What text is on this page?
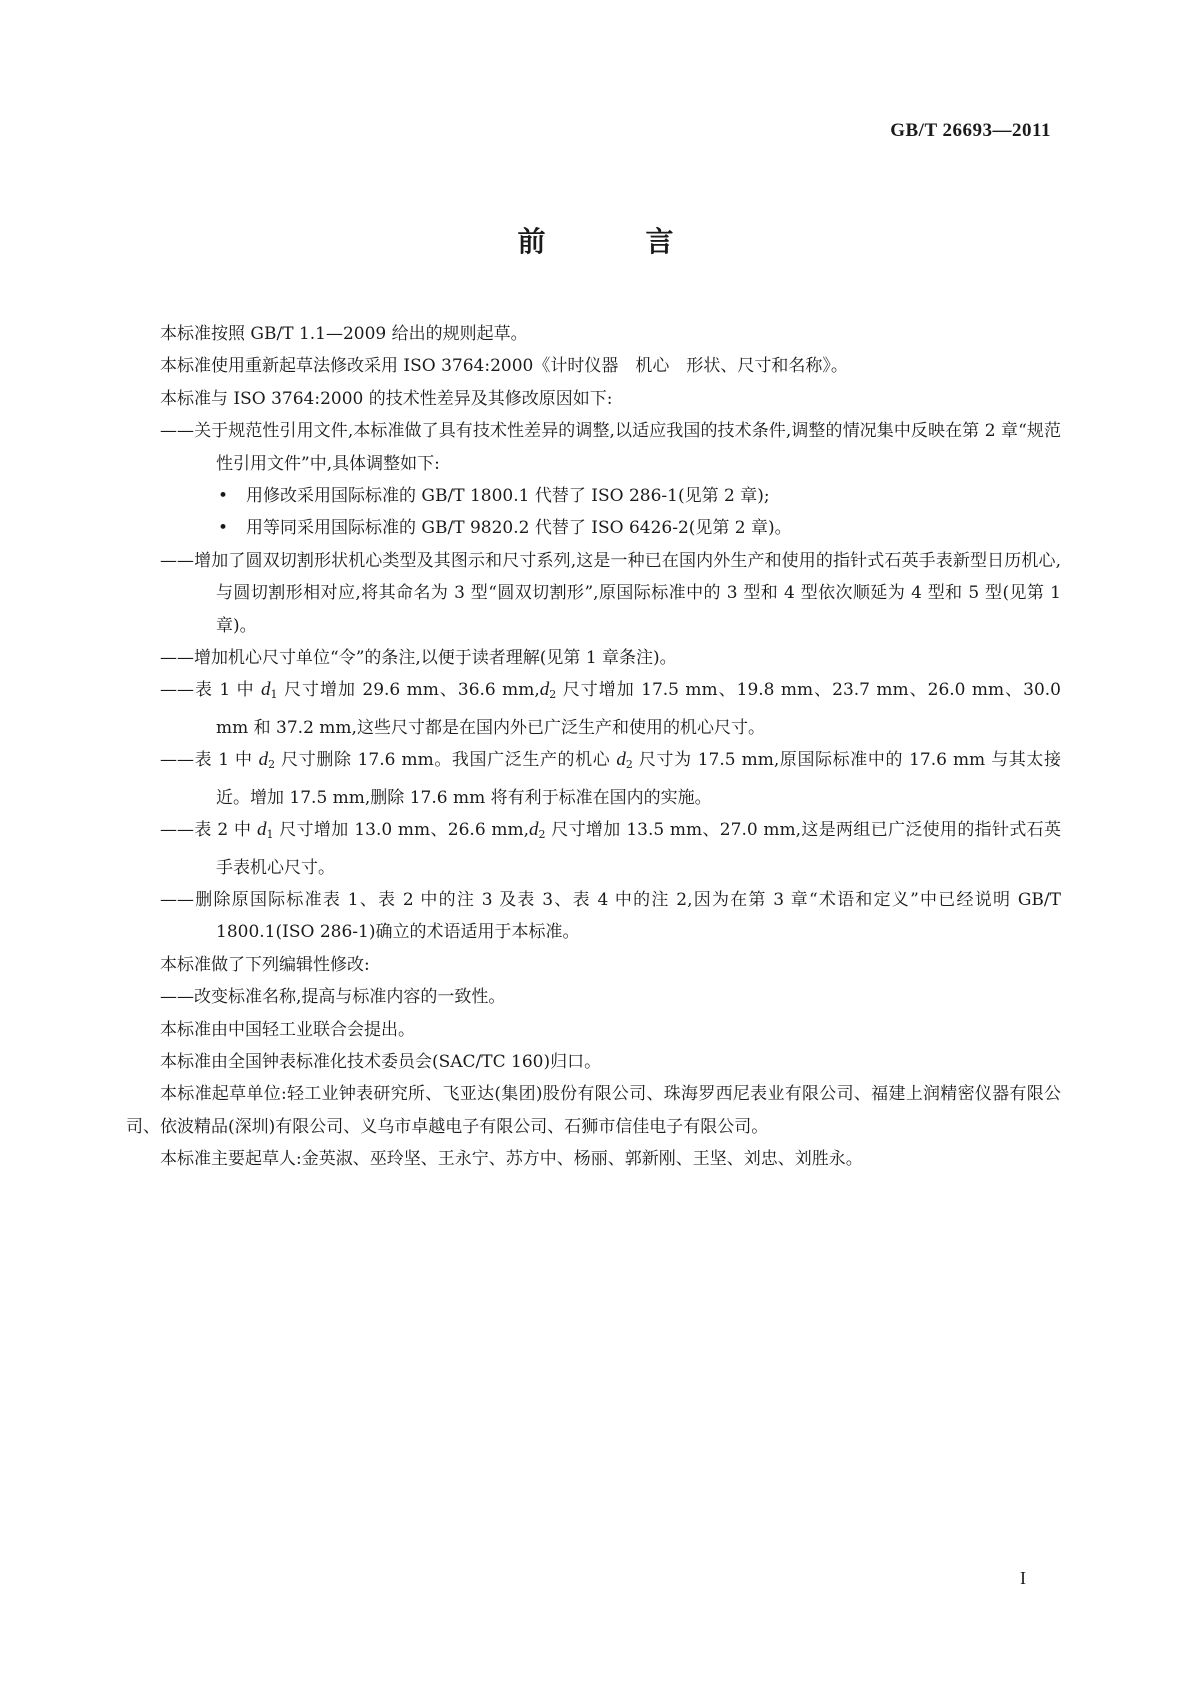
GB/T 26693—2011
前　言

本标准按照 GB/T 1.1—2009 给出的规则起草。

本标准使用重新起草法修改采用 ISO 3764:2000《计时仪器　机心　形状、尺寸和名称》。

本标准与 ISO 3764:2000 的技术性差异及其修改原因如下:

——关于规范性引用文件,本标准做了具有技术性差异的调整,以适应我国的技术条件,调整的情况集中反映在第 2 章“规范性引用文件”中,具体调整如下:

• 用修改采用国际标准的 GB/T 1800.1 代替了 ISO 286-1(见第 2 章);

• 用等同采用国际标准的 GB/T 9820.2 代替了 ISO 6426-2(见第 2 章)。

——增加了圆双切割形状机心类型及其图示和尺寸系列,这是一种已在国内外生产和使用的指针式石英手表新型日历机心,与圆切割形相对应,将其命名为 3 型“圆双切割形”,原国际标准中的 3 型和 4 型依次顺延为 4 型和 5 型(见第 1 章)。

——增加机心尺寸单位“令”的条注,以便于读者理解(见第 1 章条注)。

——表 1 中 $d_1$ 尺寸增加 29.6 mm、36.6 $mm,d_2$ 尺寸增加 17.5 mm、19.8 mm、23.7 mm、26.0 mm、30.0 mm 和 37.2 mm,这些尺寸都是在国内外已广泛生产和使用的机心尺寸。

——表 1 中 $d_2$ 尺寸删除 17.6 mm。我国广泛生产的机心 $d_2$ 尺寸为 17.5 mm,原国际标准中的 17.6 mm 与其太接近。增加 17.5 mm,删除 17.6 mm 将有利于标准在国内的实施。

——表 2 中 $d_1$ 尺寸增加 13.0 mm、26.6 $mm,d_2$ 尺寸增加 13.5 mm、27.0 mm,这是两组已广泛使用的指针式石英手表机心尺寸。

——删除原国际标准表 1、表 2 中的注 3 及表 3、表 4 中的注 2,因为在第 3 章“术语和定义”中已经说明 GB/T 1800.1(ISO 286-1)确立的术语适用于本标准。

本标准做了下列编辑性修改:

——改变标准名称,提高与标准内容的一致性。

本标准由中国轻工业联合会提出。

本标准由全国钟表标准化技术委员会(SAC/TC 160)归口。

本标准起草单位:轻工业钟表研究所、飞亚达(集团)股份有限公司、珠海罗西尼表业有限公司、福建上润精密仪器有限公司、依波精品(深圳)有限公司、义乌市卓越电子有限公司、石狮市信佳电子有限公司。

本标准主要起草人:金英淑、巫玲坚、王永宁、苏方中、杨丽、郭新刚、王坚、刘忠、刘胜永。

I
